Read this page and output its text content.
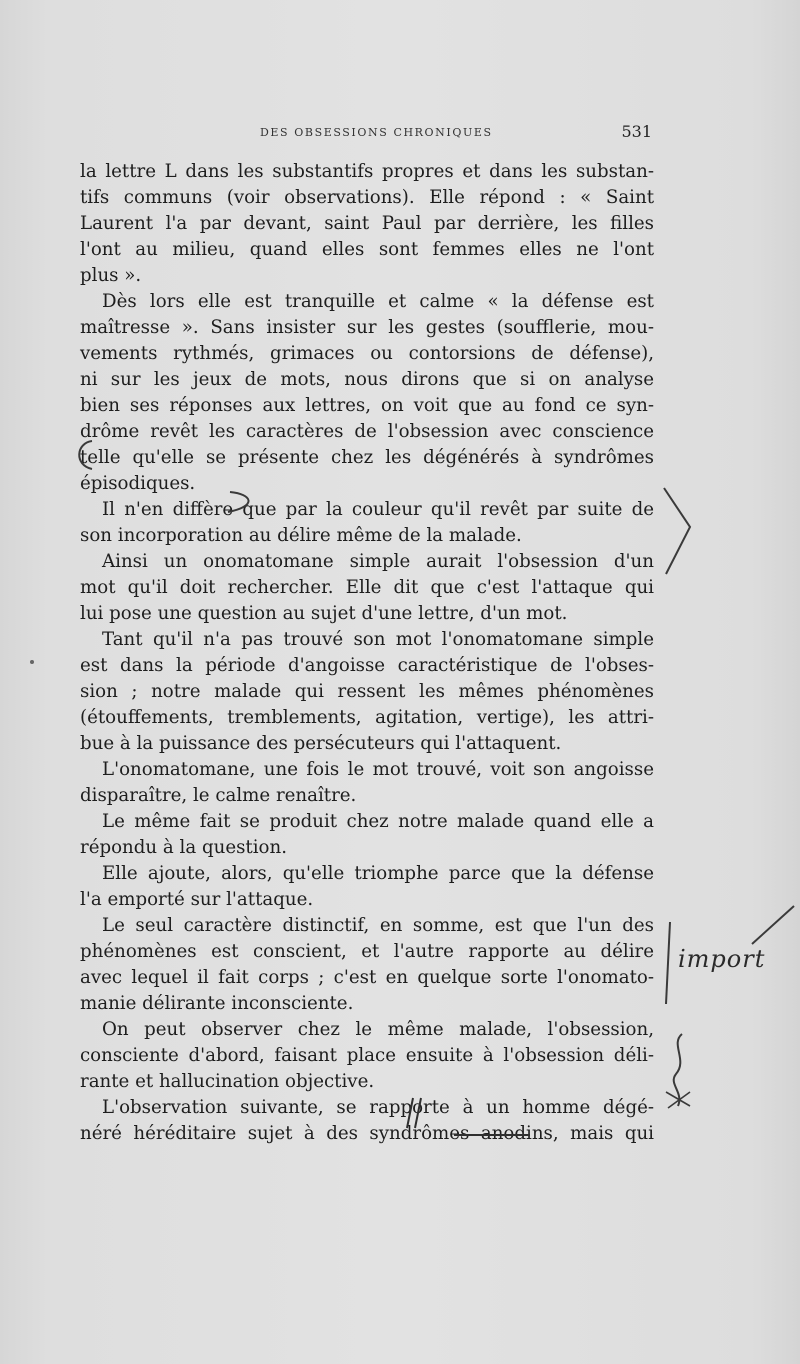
DES OBSESSIONS CHRONIQUES	531
la lettre L dans les substantifs propres et dans les substan-
tifs communs (voir observations). Elle répond : « Saint
Laurent l'a par devant, saint Paul par derrière, les filles
l'ont au milieu, quand elles sont femmes elles ne l'ont
plus ».
Dès lors elle est tranquille et calme « la défense est
maîtresse ». Sans insister sur les gestes (soufflerie, mou-
vements rythmés, grimaces ou contorsions de défense),
ni sur les jeux de mots, nous dirons que si on analyse
bien ses réponses aux lettres, on voit que au fond ce syn-
drôme revêt les caractères de l'obsession avec conscience
telle qu'elle se présente chez les dégénérés à syndrômes
épisodiques.
Il n'en diffère que par la couleur qu'il revêt par suite de
son incorporation au délire même de la malade.
Ainsi un onomatomane simple aurait l'obsession d'un
mot qu'il doit rechercher. Elle dit que c'est l'attaque qui
lui pose une question au sujet d'une lettre, d'un mot.
Tant qu'il n'a pas trouvé son mot l'onomatomane simple
est dans la période d'angoisse caractéristique de l'obses-
sion ; notre malade qui ressent les mêmes phénomènes
(étouffements, tremblements, agitation, vertige), les attri-
bue à la puissance des persécuteurs qui l'attaquent.
L'onomatomane, une fois le mot trouvé, voit son angoisse
disparaître, le calme renaître.
Le même fait se produit chez notre malade quand elle a
répondu à la question.
Elle ajoute, alors, qu'elle triomphe parce que la défense
l'a emporté sur l'attaque.
Le seul caractère distinctif, en somme, est que l'un des
phénomènes est conscient, et l'autre rapporte au délire
avec lequel il fait corps ; c'est en quelque sorte l'onomato-
manie délirante inconsciente.
On peut observer chez le même malade, l'obsession,
consciente d'abord, faisant place ensuite à l'obsession déli-
rante et hallucination objective.
L'observation suivante, se rapporte à un homme dégé-
néré héréditaire sujet à des syndrômes anodins, mais qui
import
